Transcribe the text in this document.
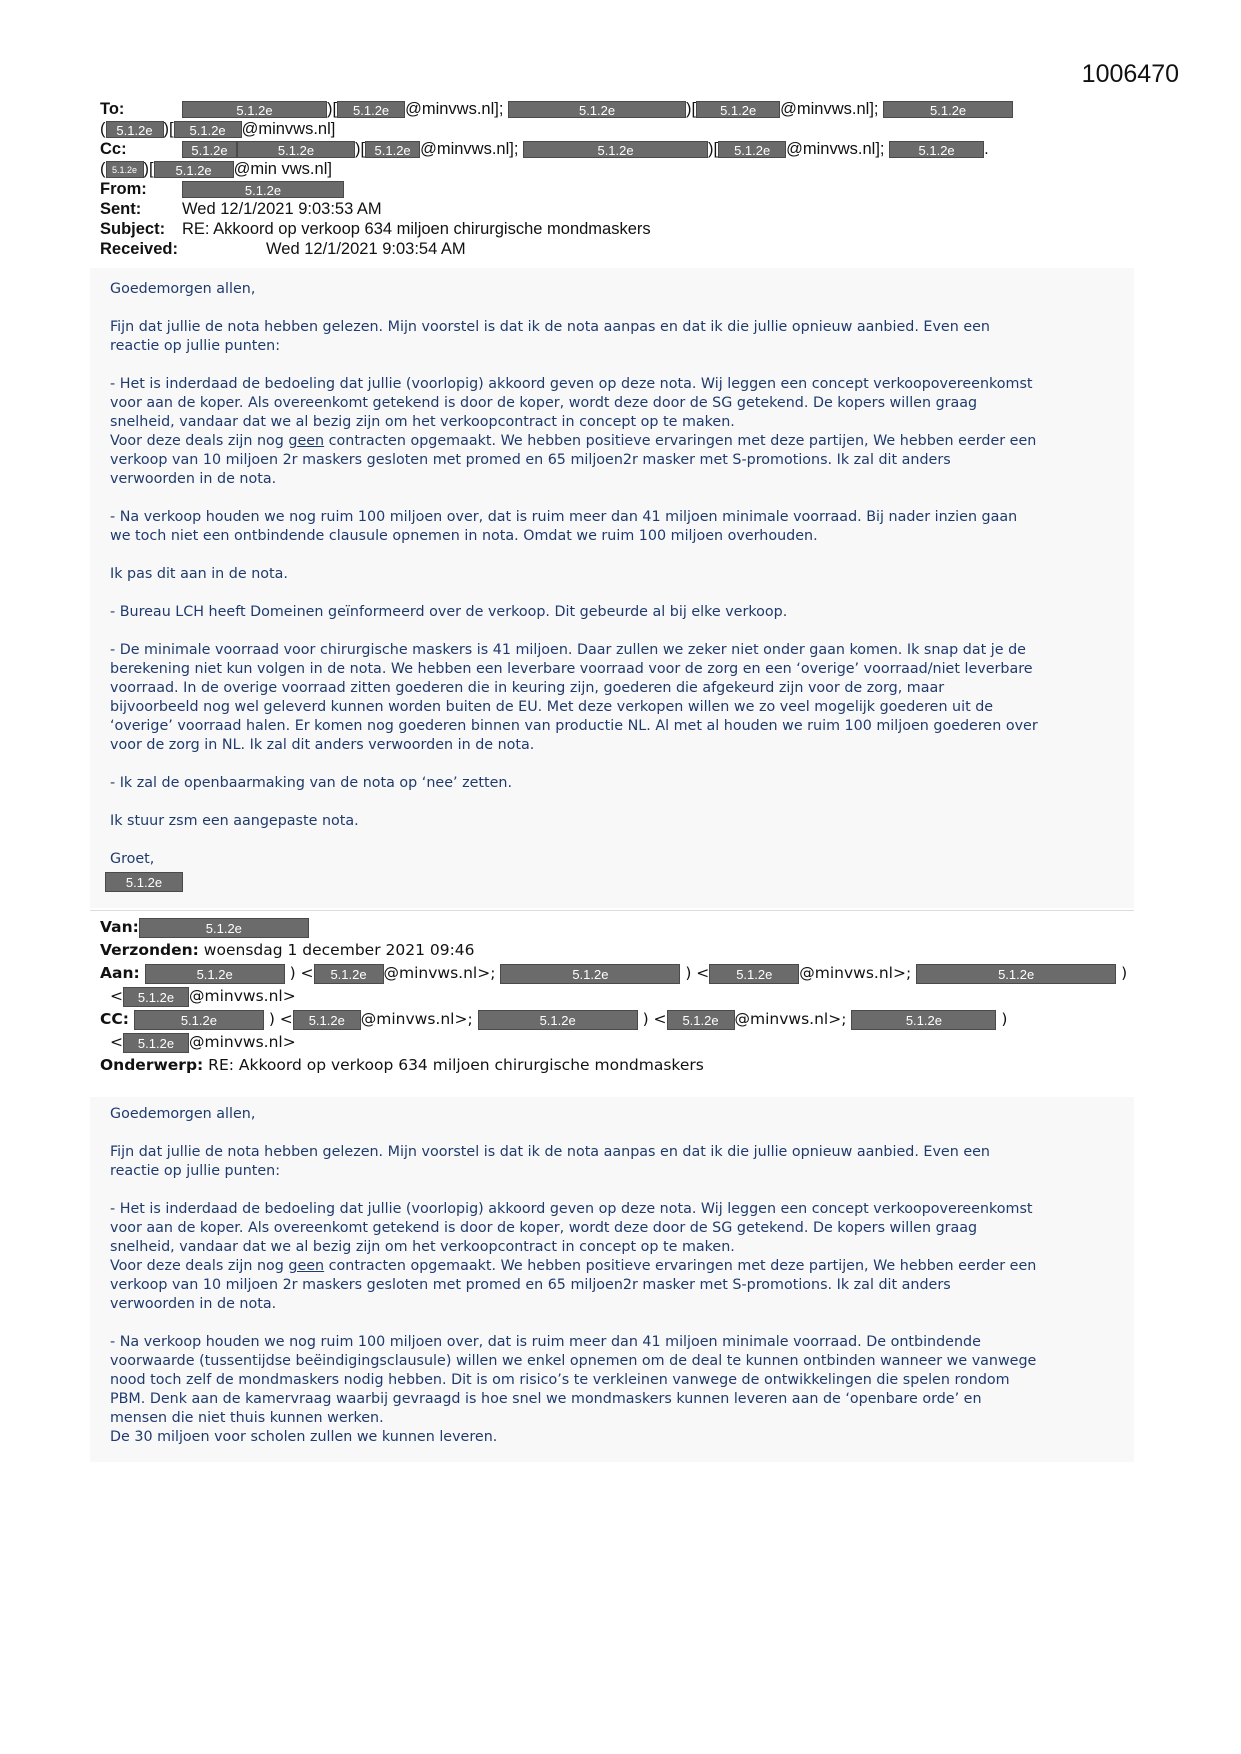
1006470
To:	5.1.2e	)[ 5.1.2e @minvws.nl];	5.1.2e	)[ 5.1.2e @minvws.nl];	5.1.2e
( 5.1.2e )[ 5.1.2e @minvws.nl]
Cc:	5.1.2e	5.1.2e )[ 5.1.2e @minvws.nl];	5.1.2e	)[ 5.1.2e @minvws.nl];	5.1.2e .
( 5.1.2e )[ 5.1.2e @min vws.nl]
From:	5.1.2e
Sent: Wed 12/1/2021 9:03:53 AM
Subject: RE: Akkoord op verkoop 634 miljoen chirurgische mondmaskers
Received:	Wed 12/1/2021 9:03:54 AM

Goedemorgen allen,

Fijn dat jullie de nota hebben gelezen. Mijn voorstel is dat ik de nota aanpas en dat ik die jullie opnieuw aanbied. Even een
reactie op jullie punten:

- Het is inderdaad de bedoeling dat jullie (voorlopig) akkoord geven op deze nota. Wij leggen een concept verkoopovereenkomst
voor aan de koper. Als overeenkomt getekend is door de koper, wordt deze door de SG getekend. De kopers willen graag
snelheid, vandaar dat we al bezig zijn om het verkoopcontract in concept op te maken.

Voor deze deals zijn nog geen contracten opgemaakt. We hebben positieve ervaringen met deze partijen, We hebben eerder een
verkoop van 10 miljoen 2r maskers gesloten met promed en 65 miljoen2r masker met S-promotions. Ik zal dit anders
verwoorden in de nota.

- Na verkoop houden we nog ruim 100 miljoen over, dat is ruim meer dan 41 miljoen minimale voorraad. Bij nader inzien gaan
we toch niet een ontbindende clausule opnemen in nota. Omdat we ruim 100 miljoen overhouden.

Ik pas dit aan in de nota.

- Bureau LCH heeft Domeinen geïnformeerd over de verkoop. Dit gebeurde al bij elke verkoop.

- De minimale voorraad voor chirurgische maskers is 41 miljoen. Daar zullen we zeker niet onder gaan komen. Ik snap dat je de
berekening niet kun volgen in de nota. We hebben een leverbare voorraad voor de zorg en een ‘overige’ voorraad/niet leverbare
voorraad. In de overige voorraad zitten goederen die in keuring zijn, goederen die afgekeurd zijn voor de zorg, maar
bijvoorbeeld nog wel geleverd kunnen worden buiten de EU. Met deze verkopen willen we zo veel mogelijk goederen uit de
‘overige’ voorraad halen. Er komen nog goederen binnen van productie NL. Al met al houden we ruim 100 miljoen goederen over
voor de zorg in NL. Ik zal dit anders verwoorden in de nota.

- Ik zal de openbaarmaking van de nota op ‘nee’ zetten.

Ik stuur zsm een aangepaste nota.

Groet,

5.1.2e
Van:	5.1.2e
Verzonden: woensdag 1 december 2021 09:46
Aan:	5.1.2e	) < 5.1.2e @minvws.nl>;	5.1.2e	) < 5.1.2e @minvws.nl>;	5.1.2e	)
< 5.1.2e @minvws.nl>
CC:	5.1.2e	) < 5.1.2e @minvws.nl>;	5.1.2e	) < 5.1.2e @minvws.nl>;	5.1.2e	)
< 5.1.2e @minvws.nl>
Onderwerp: RE: Akkoord op verkoop 634 miljoen chirurgische mondmaskers

Goedemorgen allen,

Fijn dat jullie de nota hebben gelezen. Mijn voorstel is dat ik de nota aanpas en dat ik die jullie opnieuw aanbied. Even een
reactie op jullie punten:

- Het is inderdaad de bedoeling dat jullie (voorlopig) akkoord geven op deze nota. Wij leggen een concept verkoopovereenkomst
voor aan de koper. Als overeenkomt getekend is door de koper, wordt deze door de SG getekend. De kopers willen graag
snelheid, vandaar dat we al bezig zijn om het verkoopcontract in concept op te maken.

Voor deze deals zijn nog geen contracten opgemaakt. We hebben positieve ervaringen met deze partijen, We hebben eerder een
verkoop van 10 miljoen 2r maskers gesloten met promed en 65 miljoen2r masker met S-promotions. Ik zal dit anders
verwoorden in de nota.

- Na verkoop houden we nog ruim 100 miljoen over, dat is ruim meer dan 41 miljoen minimale voorraad. De ontbindende
voorwaarde (tussentijdse beëindigingsclausule) willen we enkel opnemen om de deal te kunnen ontbinden wanneer we vanwege
nood toch zelf de mondmaskers nodig hebben. Dit is om risico’s te verkleinen vanwege de ontwikkelingen die spelen rondom
PBM. Denk aan de kamervraag waarbij gevraagd is hoe snel we mondmaskers kunnen leveren aan de ‘openbare orde’ en
mensen die niet thuis kunnen werken.
De 30 miljoen voor scholen zullen we kunnen leveren.
